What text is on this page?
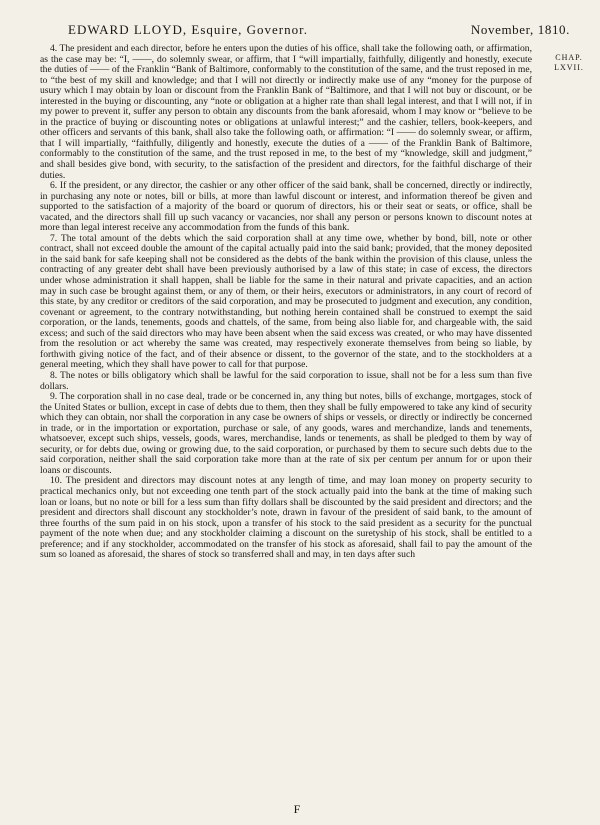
EDWARD LLOYD, Esquire, Governor.	November, 1810.
CHAP.
LXVII.

4. The president and each director, before he enters upon the duties of his office, shall take the following oath, or affirmation, as the case may be: “I, ——, do solemnly swear, or affirm, that I “will impartially, faithfully, diligently and honestly, execute the duties of —— of the Franklin “Bank of Baltimore, conformably to the constitution of the same, and the trust reposed in me, to “the best of my skill and knowledge; and that I will not directly or indirectly make use of any “money for the purpose of usury which I may obtain by loan or discount from the Franklin Bank of “Baltimore, and that I will not buy or discount, or be interested in the buying or discounting, any “note or obligation at a higher rate than shall legal interest, and that I will not, if in my power to prevent it, suffer any person to obtain any discounts from the bank aforesaid, whom I may know or “believe to be in the practice of buying or discounting notes or obligations at unlawful interest;” and the cashier, tellers, book-keepers, and other officers and servants of this bank, shall also take the following oath, or affirmation: “I —— do solemnly swear, or affirm, that I will impartially, “faithfully, diligently and honestly, execute the duties of a —— of the Franklin Bank of Baltimore, conformably to the constitution of the same, and the trust reposed in me, to the best of my “knowledge, skill and judgment,” and shall besides give bond, with security, to the satisfaction of the president and directors, for the faithful discharge of their duties.

6. If the president, or any director, the cashier or any other officer of the said bank, shall be concerned, directly or indirectly, in purchasing any note or notes, bill or bills, at more than lawful discount or interest, and information thereof be given and supported to the satisfaction of a majority of the board or quorum of directors, his or their seat or seats, or office, shall be vacated, and the directors shall fill up such vacancy or vacancies, nor shall any person or persons known to discount notes at more than legal interest receive any accommodation from the funds of this bank.

7. The total amount of the debts which the said corporation shall at any time owe, whether by bond, bill, note or other contract, shall not exceed double the amount of the capital actually paid into the said bank; provided, that the money deposited in the said bank for safe keeping shall not be considered as the debts of the bank within the provision of this clause, unless the contracting of any greater debt shall have been previously authorised by a law of this state; in case of excess, the directors under whose administration it shall happen, shall be liable for the same in their natural and private capacities, and an action may in such case be brought against them, or any of them, or their heirs, executors or administrators, in any court of record of this state, by any creditor or creditors of the said corporation, and may be prosecuted to judgment and execution, any condition, covenant or agreement, to the contrary notwithstanding, but nothing herein contained shall be construed to exempt the said corporation, or the lands, tenements, goods and chattels, of the same, from being also liable for, and chargeable with, the said excess; and such of the said directors who may have been absent when the said excess was created, or who may have dissented from the resolution or act whereby the same was created, may respectively exonerate themselves from being so liable, by forthwith giving notice of the fact, and of their absence or dissent, to the governor of the state, and to the stockholders at a general meeting, which they shall have power to call for that purpose.

8. The notes or bills obligatory which shall be lawful for the said corporation to issue, shall not be for a less sum than five dollars.

9. The corporation shall in no case deal, trade or be concerned in, any thing but notes, bills of exchange, mortgages, stock of the United States or bullion, except in case of debts due to them, then they shall be fully empowered to take any kind of security which they can obtain, nor shall the corporation in any case be owners of ships or vessels, or directly or indirectly be concerned in trade, or in the importation or exportation, purchase or sale, of any goods, wares and merchandize, lands and tenements, whatsoever, except such ships, vessels, goods, wares, merchandise, lands or tenements, as shall be pledged to them by way of security, or for debts due, owing or growing due, to the said corporation, or purchased by them to secure such debts due to the said corporation, neither shall the said corporation take more than at the rate of six per centum per annum for or upon their loans or discounts.

10. The president and directors may discount notes at any length of time, and may loan money on property security to practical mechanics only, but not exceeding one tenth part of the stock actually paid into the bank at the time of making such loan or loans, but no note or bill for a less sum than fifty dollars shall be discounted by the said president and directors; and the president and directors shall discount any stockholder’s note, drawn in favour of the president of said bank, to the amount of three fourths of the sum paid in on his stock, upon a transfer of his stock to the said president as a security for the punctual payment of the note when due; and any stockholder claiming a discount on the suretyship of his stock, shall be entitled to a preference; and if any stockholder, accommodated on the transfer of his stock as aforesaid, shall fail to pay the amount of the sum so loaned as aforesaid, the shares of stock so transferred shall and may, in ten days after such

F
